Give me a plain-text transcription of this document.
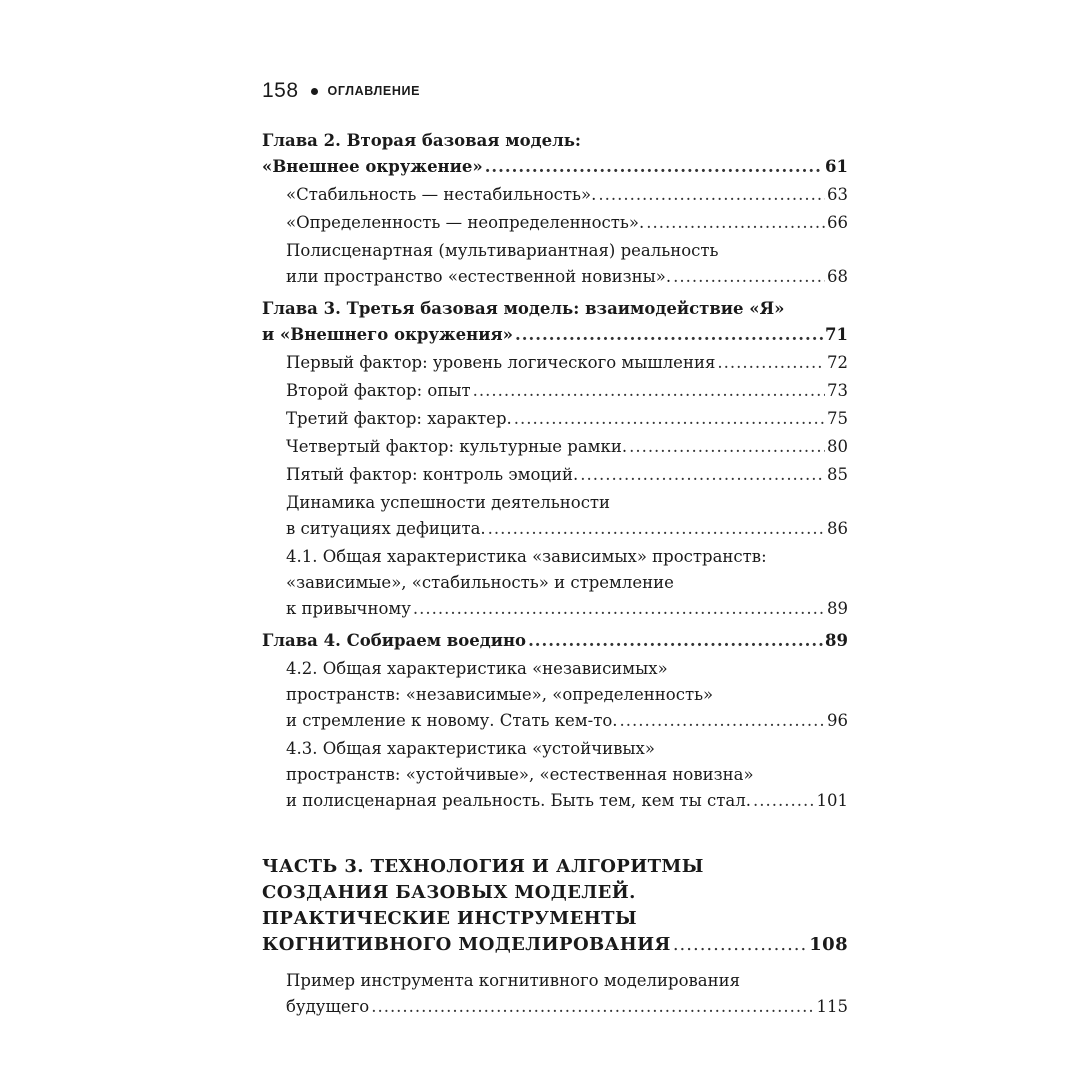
158 ОГЛАВЛЕНИЕ
Глава 2. Вторая базовая модель:
«Внешнее окружение» .....	61
«Стабильность — нестабильность». .....	63
«Определенность — неопределенность». .....	66
Полисценартная (мультивариантная) реальность
или пространство «естественной новизны». .....	68
Глава 3. Третья базовая модель: взаимодействие «Я»
и «Внешнего окружения» .....	71
Первый фактор: уровень логического мышления .....	72
Второй фактор: опыт .....	73
Третий фактор: характер. .....	75
Четвертый фактор: культурные рамки. .....	80
Пятый фактор: контроль эмоций. .....	85
Динамика успешности деятельности
в ситуациях дефицита. .....	86
4.1. Общая характеристика «зависимых» пространств:
«зависимые», «стабильность» и стремление
к привычному .....	89
Глава 4. Собираем воедино .....	89
4.2. Общая характеристика «независимых»
пространств: «независимые», «определенность»
и стремление к новому. Стать кем-то. .....	96
4.3. Общая характеристика «устойчивых»
пространств: «устойчивые», «естественная новизна»
и полисценарная реальность. Быть тем, кем ты стал. .....	101
ЧАСТЬ 3. ТЕХНОЛОГИЯ И АЛГОРИТМЫ
СОЗДАНИЯ БАЗОВЫХ МОДЕЛЕЙ.
ПРАКТИЧЕСКИЕ ИНСТРУМЕНТЫ
КОГНИТИВНОГО МОДЕЛИРОВАНИЯ .....	108
Пример инструмента когнитивного моделирования
будущего .....	115
